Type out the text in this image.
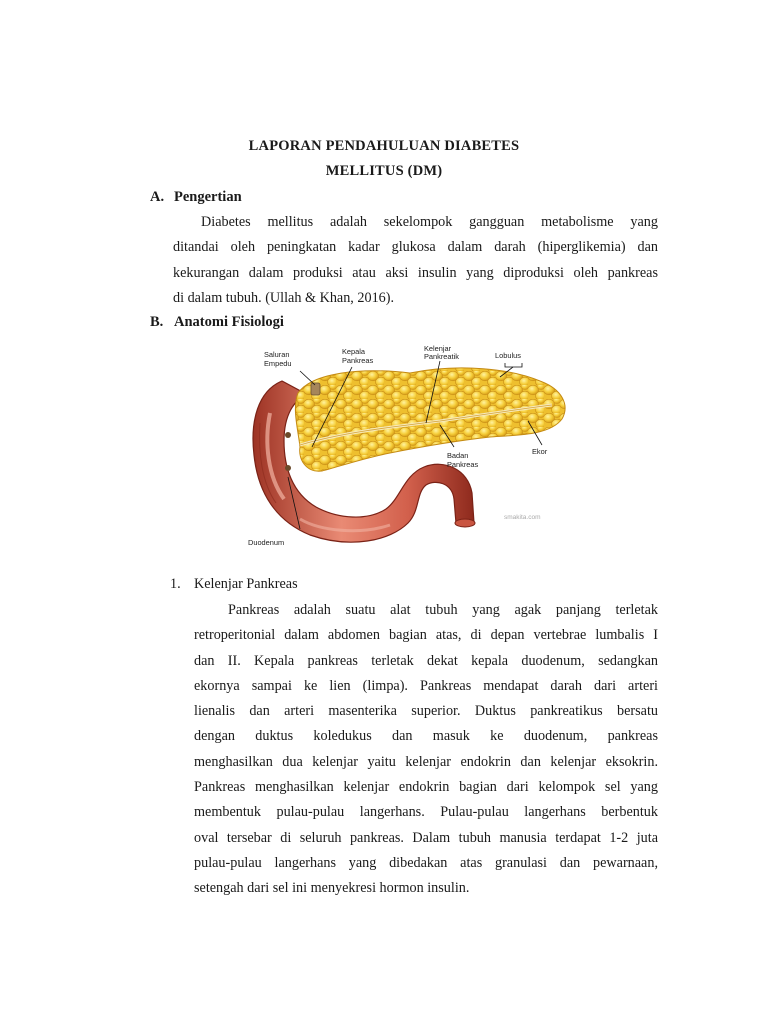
LAPORAN PENDAHULUAN DIABETES
MELLITUS (DM)
A. Pengertian
Diabetes mellitus adalah sekelompok gangguan metabolisme yang
ditandai oleh peningkatan kadar glukosa dalam darah (hiperglikemia) dan
kekurangan dalam produksi atau aksi insulin yang diproduksi oleh pankreas
di dalam tubuh. (Ullah & Khan, 2016).
B. Anatomi Fisiologi
Saluran
Empedu
Kepala
Pankreas
Kelenjar
Pankreatik	Lobulus
Ekor
Badan
Pankreas
Duodenum
smakita.com
1. Kelenjar Pankreas
Pankreas adalah suatu alat tubuh yang agak panjang terletak
retroperitonial dalam abdomen bagian atas, di depan vertebrae lumbalis I
dan II. Kepala pankreas terletak dekat kepala duodenum, sedangkan
ekornya sampai ke lien (limpa). Pankreas mendapat darah dari arteri
lienalis dan arteri masenterika superior. Duktus pankreatikus bersatu
dengan duktus koledukus dan masuk ke duodenum, pankreas
menghasilkan dua kelenjar yaitu kelenjar endokrin dan kelenjar eksokrin.
Pankreas menghasilkan kelenjar endokrin bagian dari kelompok sel yang
membentuk pulau-pulau langerhans. Pulau-pulau langerhans berbentuk
oval tersebar di seluruh pankreas. Dalam tubuh manusia terdapat 1-2 juta
pulau-pulau langerhans yang dibedakan atas granulasi dan pewarnaan,
setengah dari sel ini menyekresi hormon insulin.
